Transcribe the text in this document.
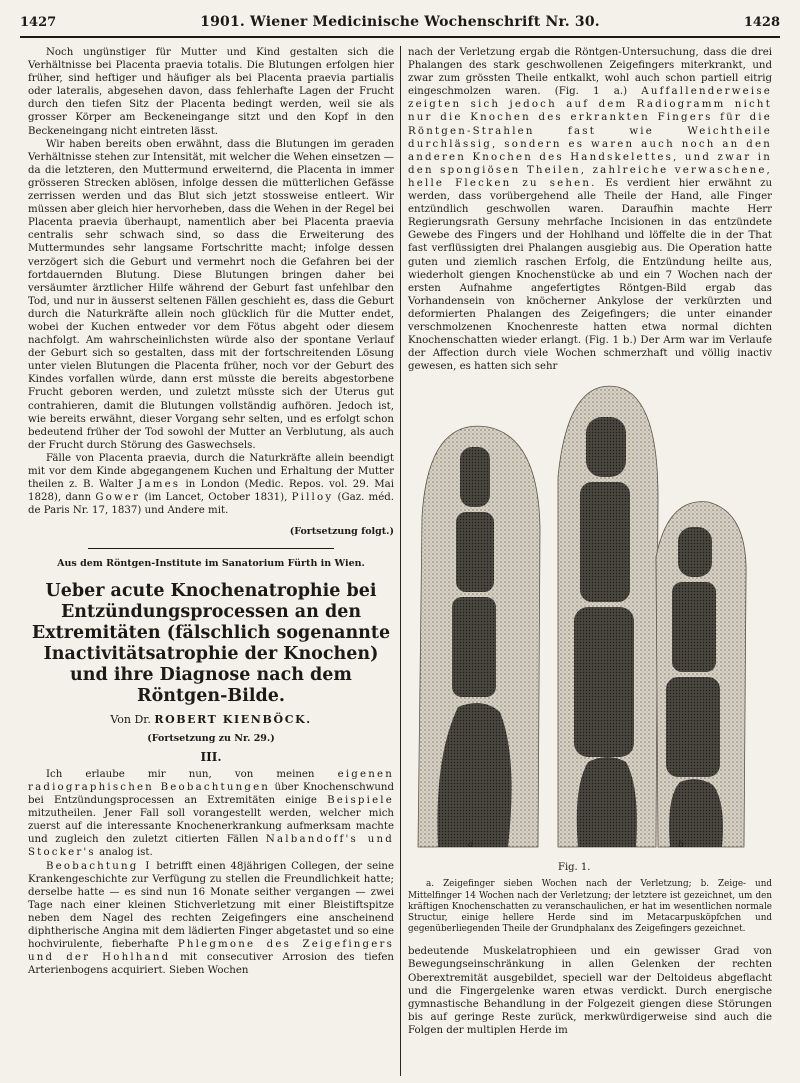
1427	1901. Wiener Medicinische Wochenschrift Nr. 30.	1428

Noch ungünstiger für Mutter und Kind gestalten sich die Verhältnisse bei Placenta praevia totalis. Die Blutungen erfolgen hier früher, sind heftiger und häufiger als bei Placenta praevia partialis oder lateralis, abgesehen davon, dass fehlerhafte Lagen der Frucht durch den tiefen Sitz der Placenta bedingt werden, weil sie als grosser Körper am Beckeneingange sitzt und den Kopf in den Beckeneingang nicht eintreten lässt.

Wir haben bereits oben erwähnt, dass die Blutungen im geraden Verhältnisse stehen zur Intensität, mit welcher die Wehen einsetzen — da die letzteren, den Muttermund erweiternd, die Placenta in immer grösseren Strecken ablösen, infolge dessen die mütterlichen Gefässe zerrissen werden und das Blut sich jetzt stossweise entleert. Wir müssen aber gleich hier hervorheben, dass die Wehen in der Regel bei Placenta praevia überhaupt, namentlich aber bei Placenta praevia centralis sehr schwach sind, so dass die Erweiterung des Muttermundes sehr langsame Fortschritte macht; infolge dessen verzögert sich die Geburt und vermehrt noch die Gefahren bei der fortdauernden Blutung. Diese Blutungen bringen daher bei versäumter ärztlicher Hilfe während der Geburt fast unfehlbar den Tod, und nur in äusserst seltenen Fällen geschieht es, dass die Geburt durch die Naturkräfte allein noch glücklich für die Mutter endet, wobei der Kuchen entweder vor dem Fötus abgeht oder diesem nachfolgt. Am wahrscheinlichsten würde also der spontane Verlauf der Geburt sich so gestalten, dass mit der fortschreitenden Lösung unter vielen Blutungen die Placenta früher, noch vor der Geburt des Kindes vorfallen würde, dann erst müsste die bereits abgestorbene Frucht geboren werden, und zuletzt müsste sich der Uterus gut contrahieren, damit die Blutungen vollständig aufhören. Jedoch ist, wie bereits erwähnt, dieser Vorgang sehr selten, und es erfolgt schon bedeutend früher der Tod sowohl der Mutter an Verblutung, als auch der Frucht durch Störung des Gaswechsels.

Fälle von Placenta praevia, durch die Naturkräfte allein beendigt mit vor dem Kinde abgegangenem Kuchen und Erhaltung der Mutter theilen z. B. Walter James in London (Medic. Repos. vol. 29. Mai 1828), dann Gower (im Lancet, October 1831), Pilloy (Gaz. méd. de Paris Nr. 17, 1837) und Andere mit.

(Fortsetzung folgt.)

Aus dem Röntgen-Institute im Sanatorium Fürth in Wien.
Ueber acute Knochenatrophie bei Entzündungsprocessen an den Extremitäten (fälschlich sogenannte Inactivitätsatrophie der Knochen) und ihre Diagnose nach dem Röntgen-Bilde.
Von Dr. ROBERT KIENBÖCK.
(Fortsetzung zu Nr. 29.)
III.

Ich erlaube mir nun, von meinen eigenen radiographischen Beobachtungen über Knochenschwund bei Entzündungsprocessen an Extremitäten einige Beispiele mitzutheilen. Jener Fall soll vorangestellt werden, welcher mich zuerst auf die interessante Knochenerkrankung aufmerksam machte und zugleich den zuletzt citierten Fällen Nalbandoff's und Stocker's analog ist.

Beobachtung I betrifft einen 48jährigen Collegen, der seine Krankengeschichte zur Verfügung zu stellen die Freundlichkeit hatte; derselbe hatte — es sind nun 16 Monate seither vergangen — zwei Tage nach einer kleinen Stichverletzung mit einer Bleistiftspitze neben dem Nagel des rechten Zeigefingers eine anscheinend diphtherische Angina mit dem lädierten Finger abgetastet und so eine hochvirulente, fieberhafte Phlegmone des Zeigefingers und der Hohlhand mit consecutiver Arrosion des tiefen Arterienbogens acquiriert. Sieben Wochen

nach der Verletzung ergab die Röntgen-Untersuchung, dass die drei Phalangen des stark geschwollenen Zeigefingers miterkrankt, und zwar zum grössten Theile entkalkt, wohl auch schon partiell eitrig eingeschmolzen waren. (Fig. 1 a.) Auffallenderweise zeigten sich jedoch auf dem Radiogramm nicht nur die Knochen des erkrankten Fingers für die Röntgen-Strahlen fast wie Weichtheile durchlässig, sondern es waren auch noch an den anderen Knochen des Handskelettes, und zwar in den spongiösen Theilen, zahlreiche verwaschene, helle Flecken zu sehen. Es verdient hier erwähnt zu werden, dass vorübergehend alle Theile der Hand, alle Finger entzündlich geschwollen waren. Daraufhin machte Herr Regierungsrath Gersuny mehrfache Incisionen in das entzündete Gewebe des Fingers und der Hohlhand und löffelte die in der That fast verflüssigten drei Phalangen ausgiebig aus. Die Operation hatte guten und ziemlich raschen Erfolg, die Entzündung heilte aus, wiederholt giengen Knochenstücke ab und ein 7 Wochen nach der ersten Aufnahme angefertigtes Röntgen-Bild ergab das Vorhandensein von knöcherner Ankylose der verkürzten und deformierten Phalangen des Zeigefingers; die unter einander verschmolzenen Knochenreste hatten etwa normal dichten Knochenschatten wieder erlangt. (Fig. 1 b.) Der Arm war im Verlaufe der Affection durch viele Wochen schmerzhaft und völlig inactiv gewesen, es hatten sich sehr

a	b
Fig. 1.

a. Zeigefinger sieben Wochen nach der Verletzung; b. Zeige- und Mittelfinger 14 Wochen nach der Verletzung; der letztere ist gezeichnet, um den kräftigen Knochenschatten zu veranschaulichen, er hat im wesentlichen normale Structur, einige hellere Herde sind im Metacarpusköpfchen und gegenüberliegenden Theile der Grundphalanx des Zeigefingers gezeichnet.

bedeutende Muskelatrophieen und ein gewisser Grad von Bewegungseinschränkung in allen Gelenken der rechten Oberextremität ausgebildet, speciell war der Deltoideus abgeflacht und die Fingergelenke waren etwas verdickt. Durch energische gymnastische Behandlung in der Folgezeit giengen diese Störungen bis auf geringe Reste zurück, merkwürdigerweise sind auch die Folgen der multiplen Herde im
